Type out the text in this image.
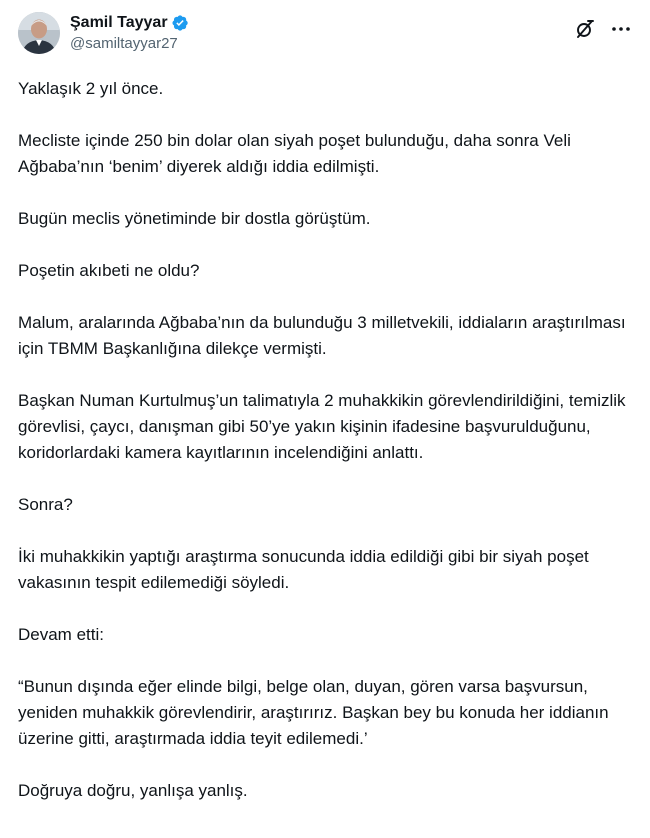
Şamil Tayyar
@samiltayyar27

Yaklaşık 2 yıl önce.

Mecliste içinde 250 bin dolar olan siyah poşet bulunduğu, daha sonra Veli Ağbaba’nın ‘benim’ diyerek aldığı iddia edilmişti.

Bugün meclis yönetiminde bir dostla görüştüm.

Poşetin akıbeti ne oldu?

Malum, aralarında Ağbaba’nın da bulunduğu 3 milletvekili, iddiaların araştırılması için TBMM Başkanlığına dilekçe vermişti.

Başkan Numan Kurtulmuş’un talimatıyla 2 muhakkikin görevlendirildiğini, temizlik görevlisi, çaycı, danışman gibi 50’ye yakın kişinin ifadesine başvurulduğunu, koridorlardaki kamera kayıtlarının incelendiğini anlattı.

Sonra?

İki muhakkikin yaptığı araştırma sonucunda iddia edildiği gibi bir siyah poşet vakasının tespit edilemediği söyledi.

Devam etti:

“Bunun dışında eğer elinde bilgi, belge olan, duyan, gören varsa başvursun, yeniden muhakkik görevlendirir, araştırırız. Başkan bey bu konuda her iddianın üzerine gitti, araştırmada iddia teyit edilemedi.’

Doğruya doğru, yanlışa yanlış.
